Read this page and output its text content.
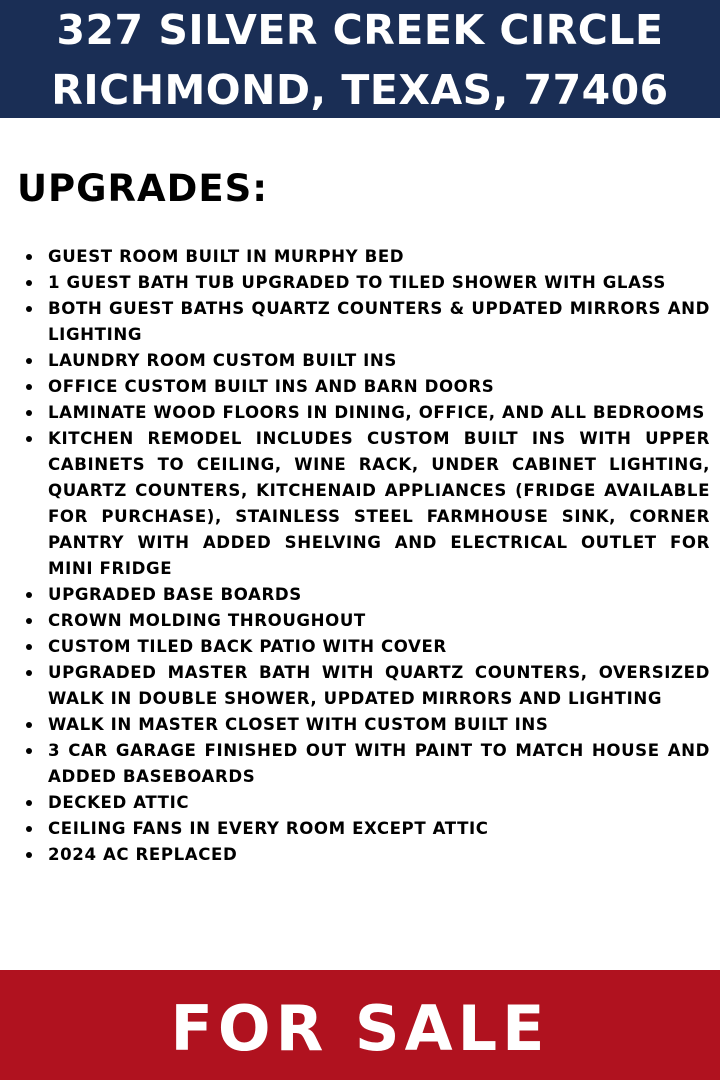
327 SILVER CREEK CIRCLE
RICHMOND, TEXAS, 77406
UPGRADES:
GUEST ROOM BUILT IN MURPHY BED
1 GUEST BATH TUB UPGRADED TO TILED SHOWER WITH GLASS
BOTH GUEST BATHS QUARTZ COUNTERS & UPDATED MIRRORS AND LIGHTING
LAUNDRY ROOM CUSTOM BUILT INS
OFFICE CUSTOM BUILT INS AND BARN DOORS
LAMINATE WOOD FLOORS IN DINING, OFFICE, AND ALL BEDROOMS
KITCHEN REMODEL INCLUDES CUSTOM BUILT INS WITH UPPER CABINETS TO CEILING, WINE RACK, UNDER CABINET LIGHTING, QUARTZ COUNTERS, KITCHENAID APPLIANCES (FRIDGE AVAILABLE FOR PURCHASE), STAINLESS STEEL FARMHOUSE SINK, CORNER PANTRY WITH ADDED SHELVING AND ELECTRICAL OUTLET FOR MINI FRIDGE
UPGRADED BASE BOARDS
CROWN MOLDING THROUGHOUT
CUSTOM TILED BACK PATIO WITH COVER
UPGRADED MASTER BATH WITH QUARTZ COUNTERS, OVERSIZED WALK IN DOUBLE SHOWER, UPDATED MIRRORS AND LIGHTING
WALK IN MASTER CLOSET WITH CUSTOM BUILT INS
3 CAR GARAGE FINISHED OUT WITH PAINT TO MATCH HOUSE AND ADDED BASEBOARDS
DECKED ATTIC
CEILING FANS IN EVERY ROOM EXCEPT ATTIC
2024 AC REPLACED
FOR SALE
